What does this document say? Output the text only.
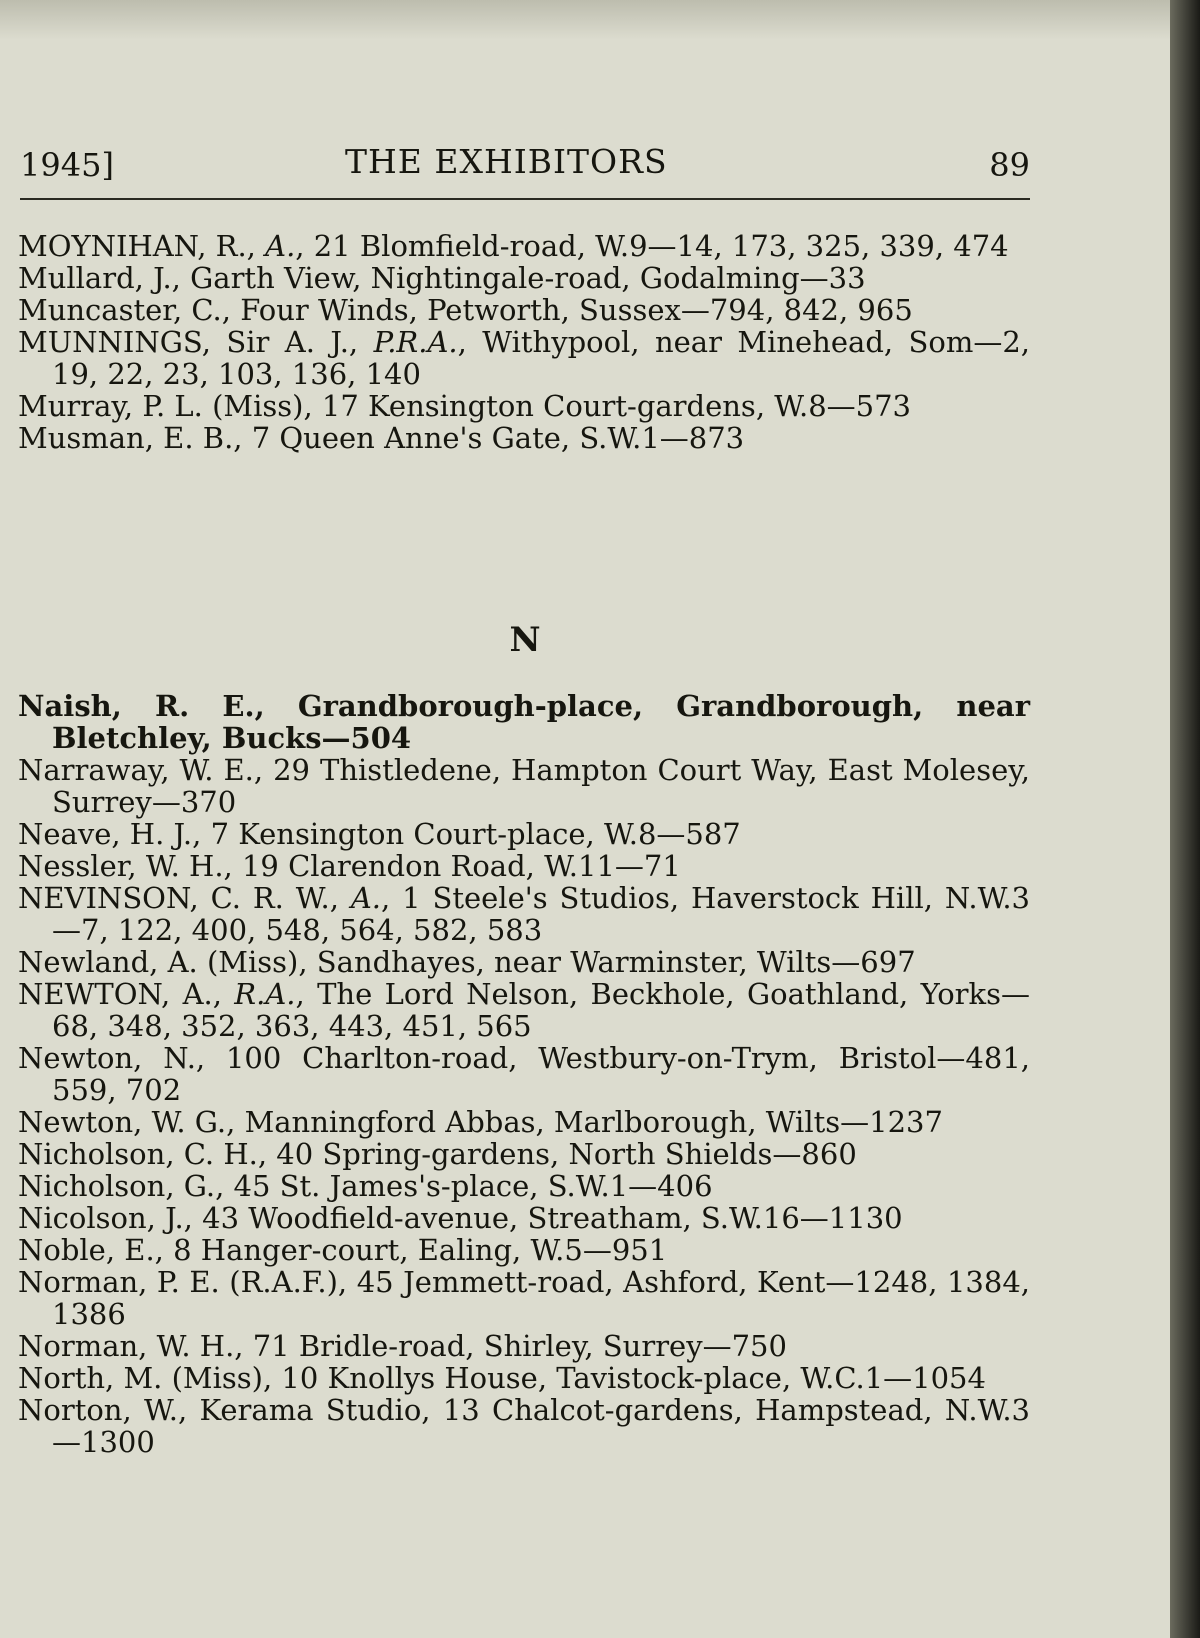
1945]	THE EXHIBITORS	89
MOYNIHAN, R., A., 21 Blomfield-road, W.9—14, 173, 325, 339, 474
Mullard, J., Garth View, Nightingale-road, Godalming—33
Muncaster, C., Four Winds, Petworth, Sussex—794, 842, 965
MUNNINGS, Sir A. J., P.R.A., Withypool, near Minehead, Som—2, 19, 22, 23, 103, 136, 140
Murray, P. L. (Miss), 17 Kensington Court-gardens, W.8—573
Musman, E. B., 7 Queen Anne's Gate, S.W.1—873
N
Naish, R. E., Grandborough-place, Grandborough, near Bletchley, Bucks—504
Narraway, W. E., 29 Thistledene, Hampton Court Way, East Molesey, Surrey—370
Neave, H. J., 7 Kensington Court-place, W.8—587
Nessler, W. H., 19 Clarendon Road, W.11—71
NEVINSON, C. R. W., A., 1 Steele's Studios, Haverstock Hill, N.W.3—7, 122, 400, 548, 564, 582, 583
Newland, A. (Miss), Sandhayes, near Warminster, Wilts—697
NEWTON, A., R.A., The Lord Nelson, Beckhole, Goathland, Yorks—68, 348, 352, 363, 443, 451, 565
Newton, N., 100 Charlton-road, Westbury-on-Trym, Bristol—481, 559, 702
Newton, W. G., Manningford Abbas, Marlborough, Wilts—1237
Nicholson, C. H., 40 Spring-gardens, North Shields—860
Nicholson, G., 45 St. James's-place, S.W.1—406
Nicolson, J., 43 Woodfield-avenue, Streatham, S.W.16—1130
Noble, E., 8 Hanger-court, Ealing, W.5—951
Norman, P. E. (R.A.F.), 45 Jemmett-road, Ashford, Kent—1248, 1384, 1386
Norman, W. H., 71 Bridle-road, Shirley, Surrey—750
North, M. (Miss), 10 Knollys House, Tavistock-place, W.C.1—1054
Norton, W., Kerama Studio, 13 Chalcot-gardens, Hampstead, N.W.3—1300
